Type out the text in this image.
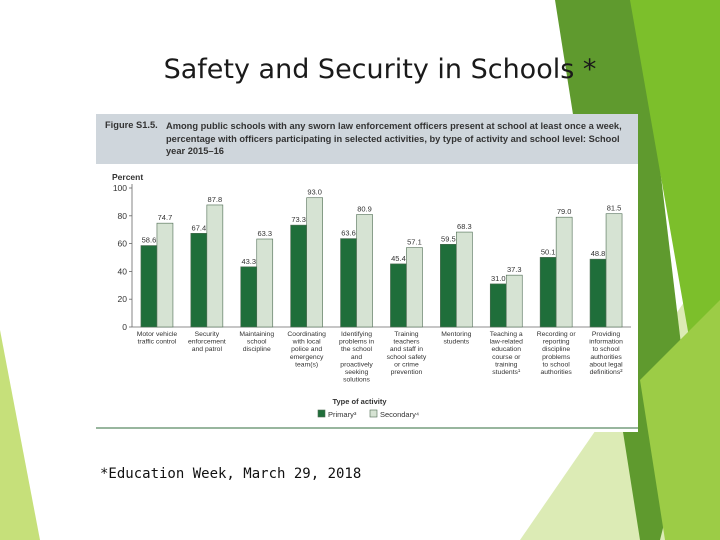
Safety and Security in Schools *
Figure S1.5. Among public schools with any sworn law enforcement officers present at school at least once a week, percentage with officers participating in selected activities, by type of activity and school level: School year 2015–16
Percent
0
20
40
60
80
100
58.6
74.7
Motor vehicle
traffic control
67.4
87.8
Security
enforcement
and patrol
43.3
63.3
Maintaining
school
discipline
73.3
93.0
Coordinating
with local
police and
emergency
team(s)
63.6
80.9
Identifying
problems in
the school
and
proactively
seeking
solutions
45.4
57.1
Training
teachers
and staff in
school safety
or crime
prevention
59.5
68.3
Mentoring
students
31.0
37.3
Teaching a
law-related
education
course or
training
students¹
50.1
79.0
Recording or
reporting
discipline
problems
to school
authorities
48.8
81.5
Providing
information
to school
authorities
about legal
definitions²
Type of activity
Primary³	Secondary⁴
*Education Week, March 29, 2018
